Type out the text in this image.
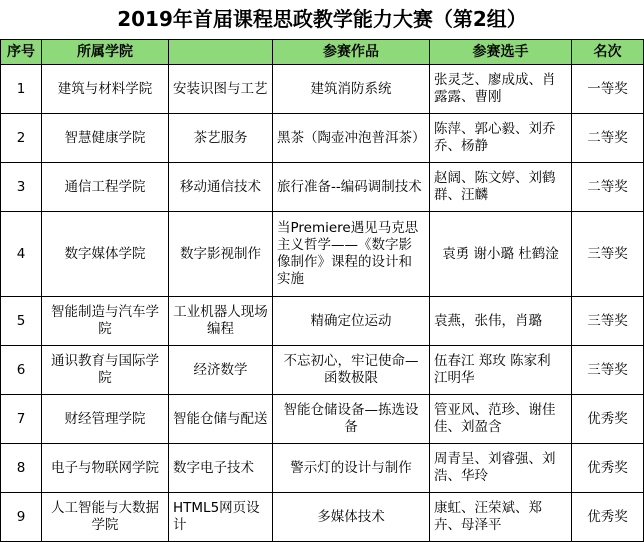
2019年首届课程思政教学能力大赛（第2组）
序号	所属学院		参赛作品	参赛选手	名次
1	建筑与材料学院	安装识图与工艺	建筑消防系统	张灵芝、廖成成、肖露露、曹刚	一等奖
2	智慧健康学院	茶艺服务	黑茶（陶壶冲泡普洱茶）	陈萍、郭心毅、刘乔乔、杨静	二等奖
3	通信工程学院	移动通信技术	旅行准备--编码调制技术	赵阔、陈文婷、刘鹤群、汪麟	二等奖
4	数字媒体学院	数字影视制作	当Premiere遇见马克思主义哲学——《数字影像制作》课程的设计和实施	袁勇 谢小璐 杜鹤淦	三等奖
5	智能制造与汽车学院	工业机器人现场编程	精确定位运动	袁燕，张伟，肖璐	三等奖
6	通识教育与国际学院	经济数学	不忘初心，牢记使命—函数极限	伍春江 郑玫 陈家利 江明华	三等奖
7	财经管理学院	智能仓储与配送	智能仓储设备—拣选设备	管亚风、范珍、谢佳佳、刘盈含	优秀奖
8	电子与物联网学院	数字电子技术	警示灯的设计与制作	周青呈、刘睿强、刘浩、华玲	优秀奖
9	人工智能与大数据学院	HTML5网页设计	多媒体技术	康虹、汪荣斌、郑卉、母泽平	优秀奖
